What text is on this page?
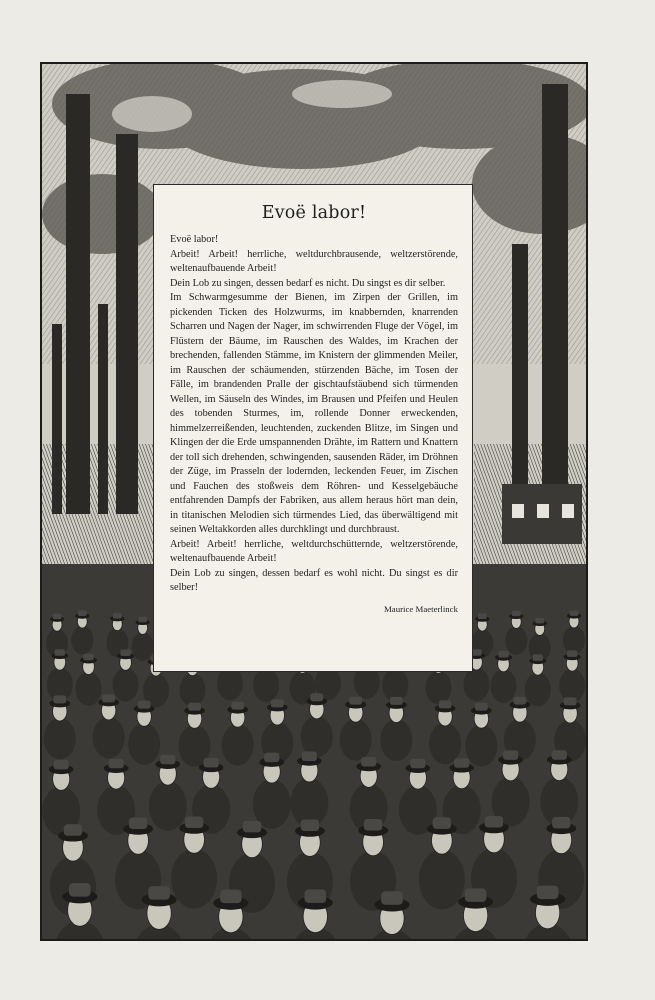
Evoë labor!
Evoë labor!
Arbeit! Arbeit! herrliche, weltdurchbrausende, weltzerstörende, weltenaufbauende Arbeit!
Dein Lob zu singen, dessen bedarf es nicht. Du singst es dir selber.
Im Schwarmgesumme der Bienen, im Zirpen der Grillen, im pickenden Ticken des Holzwurms, im knabbernden, knarrenden Scharren und Nagen der Nager, im schwirrenden Fluge der Vögel, im Flüstern der Bäume, im Rauschen des Waldes, im Krachen der brechenden, fallenden Stämme, im Knistern der glimmenden Meiler, im Rauschen der schäumenden, stürzenden Bäche, im Tosen der Fälle, im brandenden Pralle der gischtaufstäubend sich türmenden Wellen, im Säuseln des Windes, im Brausen und Pfeifen und Heulen des tobenden Sturmes, im, rollende Donner erweckenden, himmelzerreißenden, leuchtenden, zuckenden Blitze, im Singen und Klingen der die Erde umspannenden Drähte, im Rattern und Knattern der toll sich drehenden, schwingenden, sausenden Räder, im Dröhnen der Züge, im Prasseln der lodernden, leckenden Feuer, im Zischen und Fauchen des stoßweis dem Röhren- und Kesselgebäuche entfahrenden Dampfs der Fabriken, aus allem heraus hört man dein, in titanischen Melodien sich türmendes Lied, das überwältigend mit seinen Weltakkorden alles durchklingt und durchbraust.
Arbeit! Arbeit! herrliche, weltdurchschütternde, weltzerstörende, weltenaufbauende Arbeit!
Dein Lob zu singen, dessen bedarf es wohl nicht. Du singst es dir selber!
Maurice Maeterlinck
